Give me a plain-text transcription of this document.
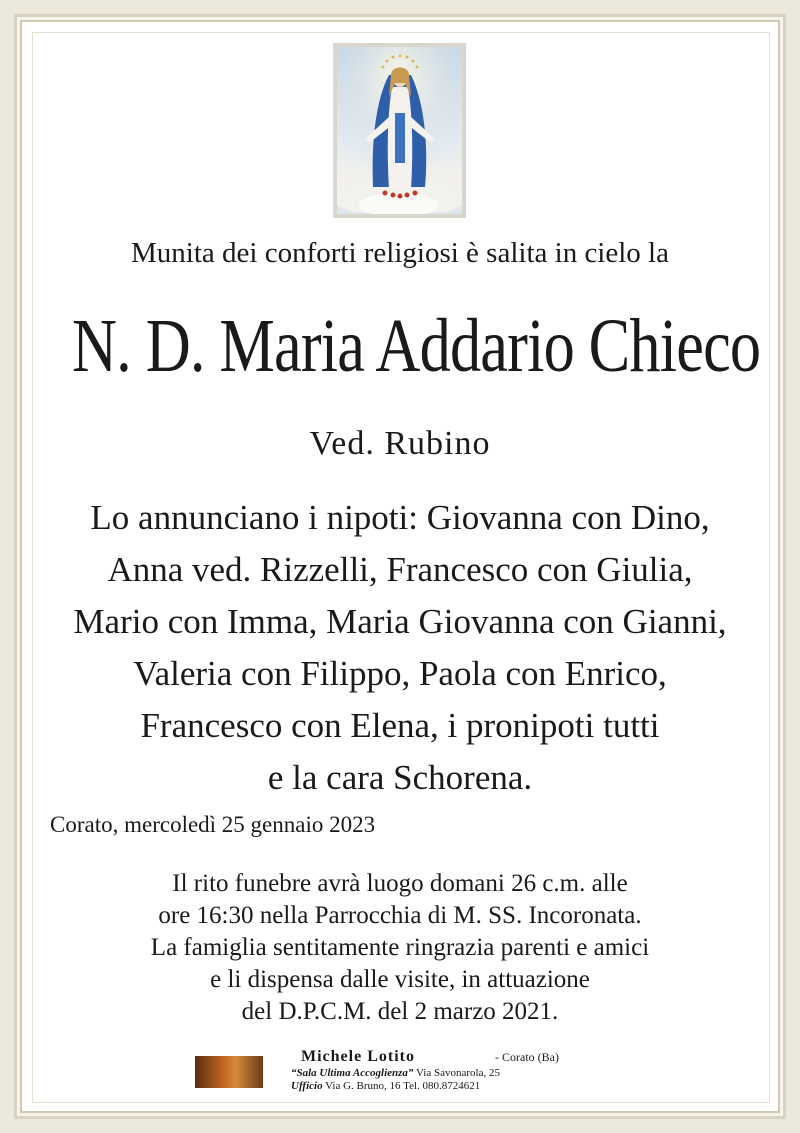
Munita dei conforti religiosi è salita in cielo la
N. D. Maria Addario Chieco
Ved. Rubino
Lo annunciano i nipoti: Giovanna con Dino,
Anna ved. Rizzelli, Francesco con Giulia,
Mario con Imma, Maria Giovanna con Gianni,
Valeria con Filippo, Paola con Enrico,
Francesco con Elena, i pronipoti tutti
e la cara Schorena.
Corato, mercoledì 25 gennaio 2023
Il rito funebre avrà luogo domani 26 c.m. alle
ore 16:30 nella Parrocchia di M. SS. Incoronata.
La famiglia sentitamente ringrazia parenti e amici
e li dispensa dalle visite, in attuazione
del D.P.C.M. del 2 marzo 2021.
Michele Lotito	- Corato (Ba)
“Sala Ultima Accoglienza” Via Savonarola, 25
Ufficio Via G. Bruno, 16 Tel. 080.8724621
